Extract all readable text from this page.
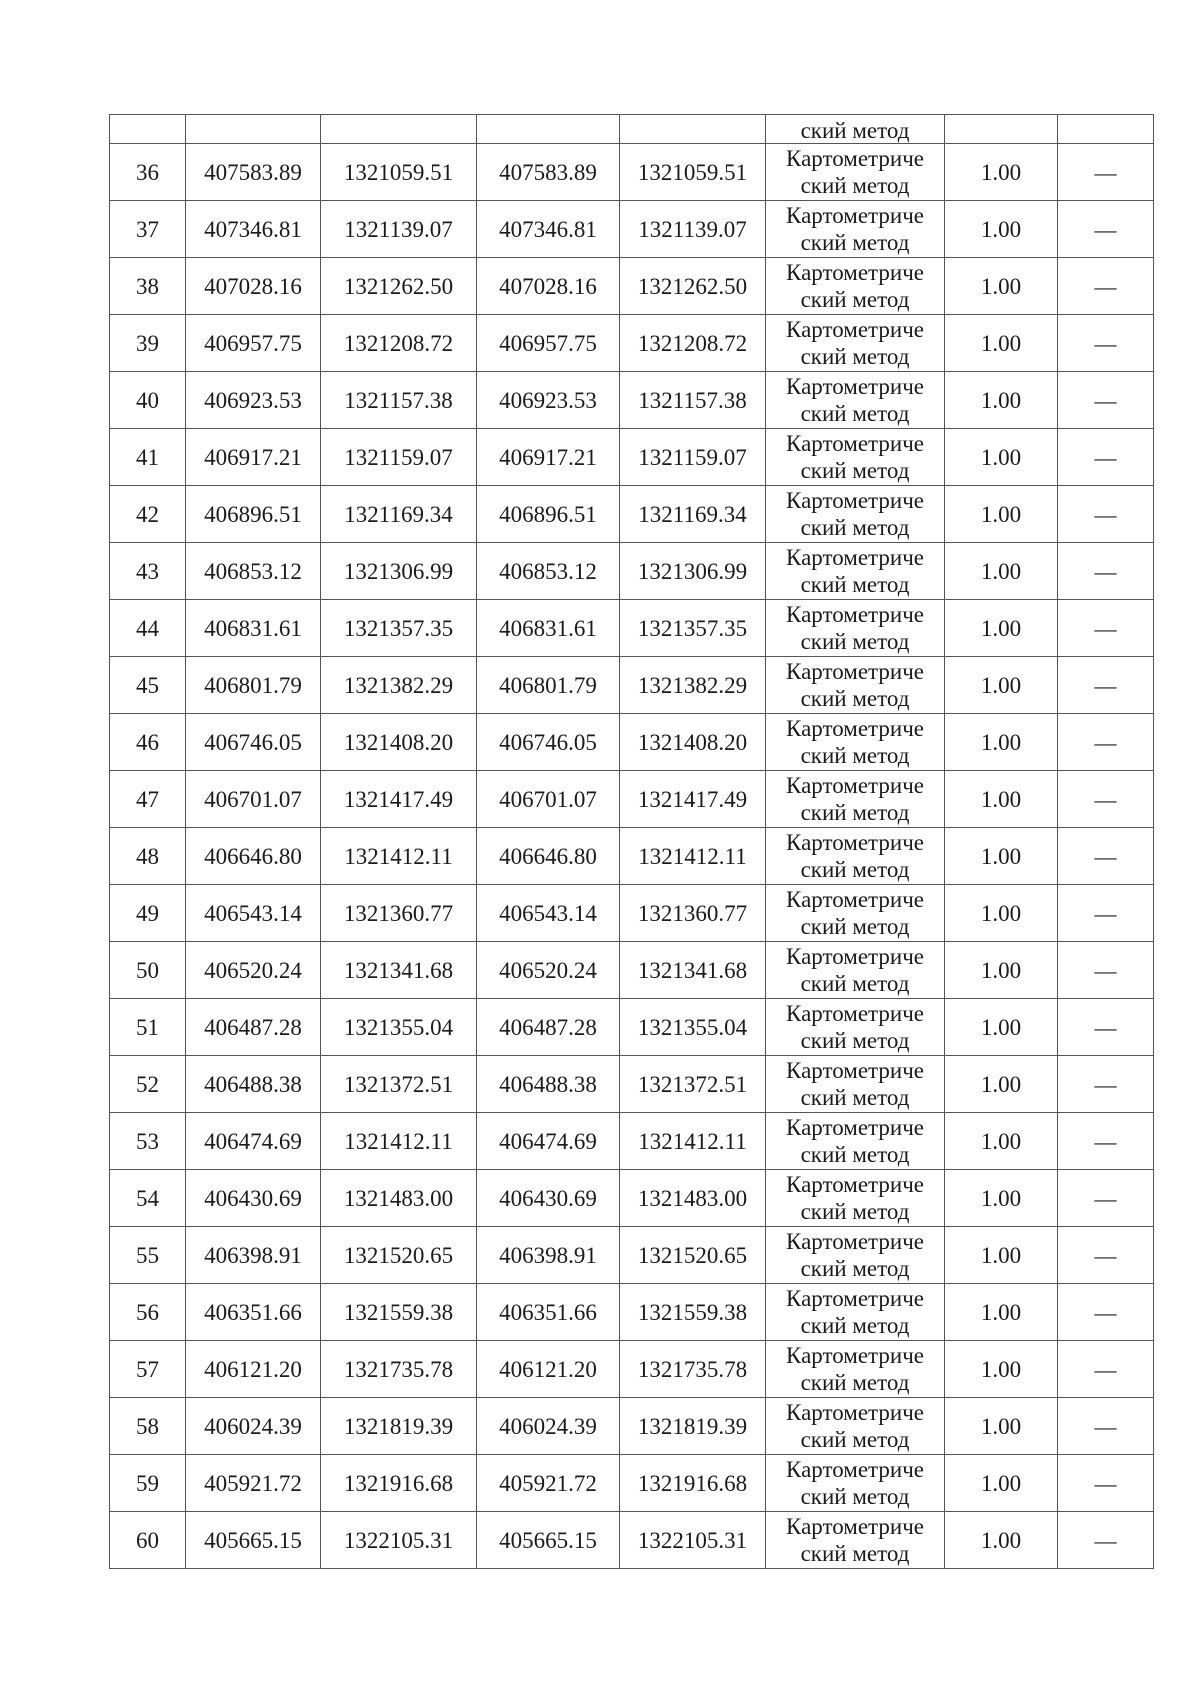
					ский метод		
36	407583.89	1321059.51	407583.89	1321059.51	Картометриче
ский метод	1.00	—
37	407346.81	1321139.07	407346.81	1321139.07	Картометриче
ский метод	1.00	—
38	407028.16	1321262.50	407028.16	1321262.50	Картометриче
ский метод	1.00	—
39	406957.75	1321208.72	406957.75	1321208.72	Картометриче
ский метод	1.00	—
40	406923.53	1321157.38	406923.53	1321157.38	Картометриче
ский метод	1.00	—
41	406917.21	1321159.07	406917.21	1321159.07	Картометриче
ский метод	1.00	—
42	406896.51	1321169.34	406896.51	1321169.34	Картометриче
ский метод	1.00	—
43	406853.12	1321306.99	406853.12	1321306.99	Картометриче
ский метод	1.00	—
44	406831.61	1321357.35	406831.61	1321357.35	Картометриче
ский метод	1.00	—
45	406801.79	1321382.29	406801.79	1321382.29	Картометриче
ский метод	1.00	—
46	406746.05	1321408.20	406746.05	1321408.20	Картометриче
ский метод	1.00	—
47	406701.07	1321417.49	406701.07	1321417.49	Картометриче
ский метод	1.00	—
48	406646.80	1321412.11	406646.80	1321412.11	Картометриче
ский метод	1.00	—
49	406543.14	1321360.77	406543.14	1321360.77	Картометриче
ский метод	1.00	—
50	406520.24	1321341.68	406520.24	1321341.68	Картометриче
ский метод	1.00	—
51	406487.28	1321355.04	406487.28	1321355.04	Картометриче
ский метод	1.00	—
52	406488.38	1321372.51	406488.38	1321372.51	Картометриче
ский метод	1.00	—
53	406474.69	1321412.11	406474.69	1321412.11	Картометриче
ский метод	1.00	—
54	406430.69	1321483.00	406430.69	1321483.00	Картометриче
ский метод	1.00	—
55	406398.91	1321520.65	406398.91	1321520.65	Картометриче
ский метод	1.00	—
56	406351.66	1321559.38	406351.66	1321559.38	Картометриче
ский метод	1.00	—
57	406121.20	1321735.78	406121.20	1321735.78	Картометриче
ский метод	1.00	—
58	406024.39	1321819.39	406024.39	1321819.39	Картометриче
ский метод	1.00	—
59	405921.72	1321916.68	405921.72	1321916.68	Картометриче
ский метод	1.00	—
60	405665.15	1322105.31	405665.15	1322105.31	Картометриче
ский метод	1.00	—
